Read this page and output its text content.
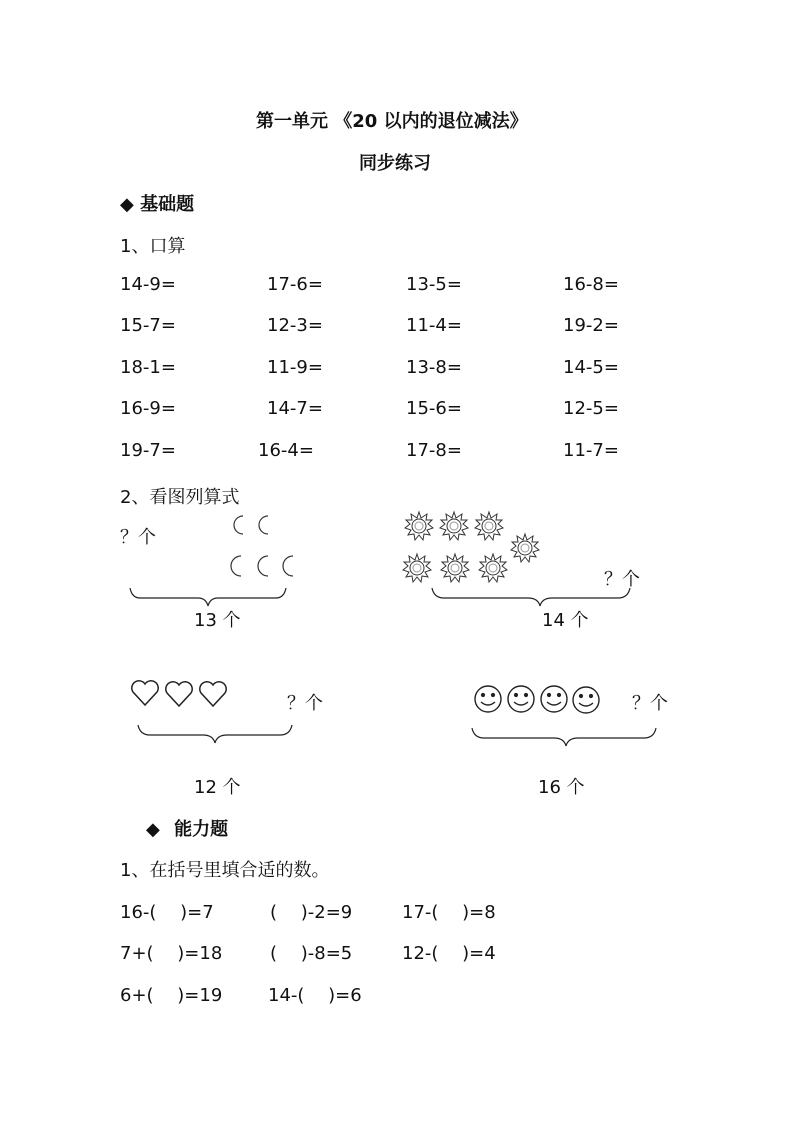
第一单元 《20 以内的退位减法》
同步练习
◆ 基础题
1、口算
14-9=	17-6=	13-5=	16-8=
15-7=	12-3=	11-4=	19-2=
18-1=	11-9=	13-8=	14-5=
16-9=	14-7=	15-6=	12-5=
19-7=	16-4=	17-8=	11-7=
2、看图列算式
？个
13 个
？个
14 个
？个
12 个
？个
16 个
◆ 能力题
1、在括号里填合适的数。
16-(　 )=7	(　 )-2=9	17-(　 )=8
7+(　 )=18	(　 )-8=5	12-(　 )=4
6+(　 )=19	14-(　 )=6
